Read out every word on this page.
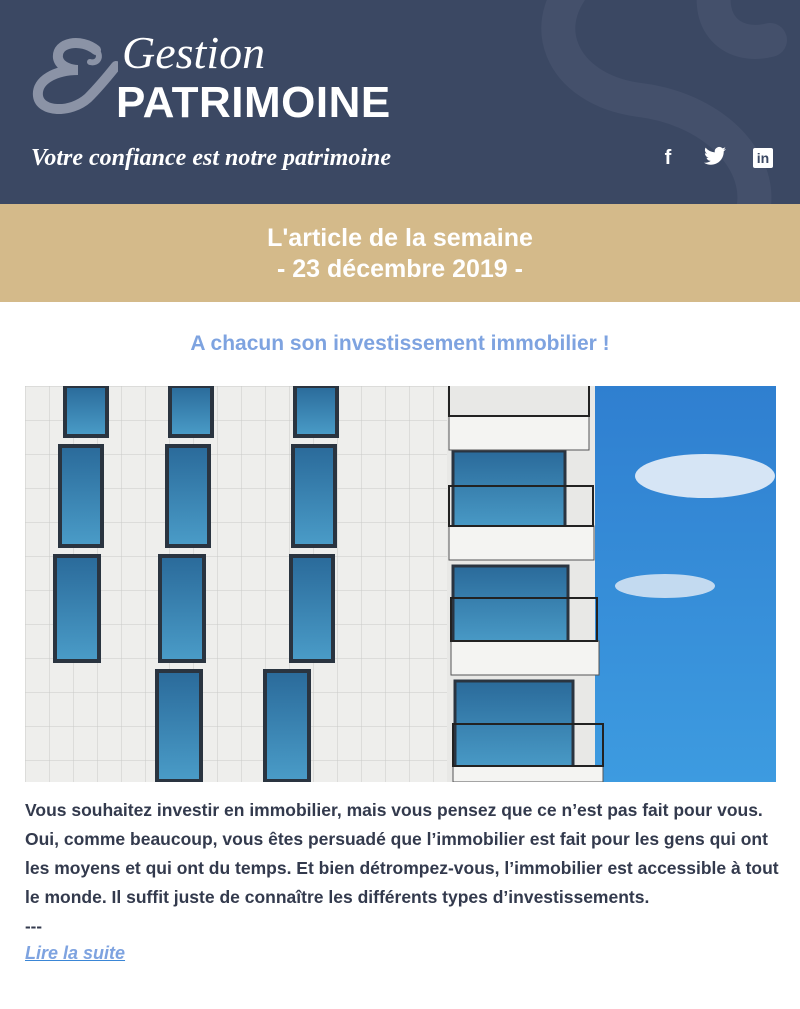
Gestion
PATRIMOINE
Votre confiance est notre patrimoine	f	in
L'article de la semaine
- 23 décembre 2019 -
A chacun son investissement immobilier !
Vous souhaitez investir en immobilier, mais vous pensez que ce n’est pas fait pour vous. Oui, comme beaucoup, vous êtes persuadé que l’immobilier est fait pour les gens qui ont les moyens et qui ont du temps. Et bien détrompez-vous, l’immobilier est accessible à tout le monde. Il suffit juste de connaître les différents types d’investissements.
---
Lire la suite
